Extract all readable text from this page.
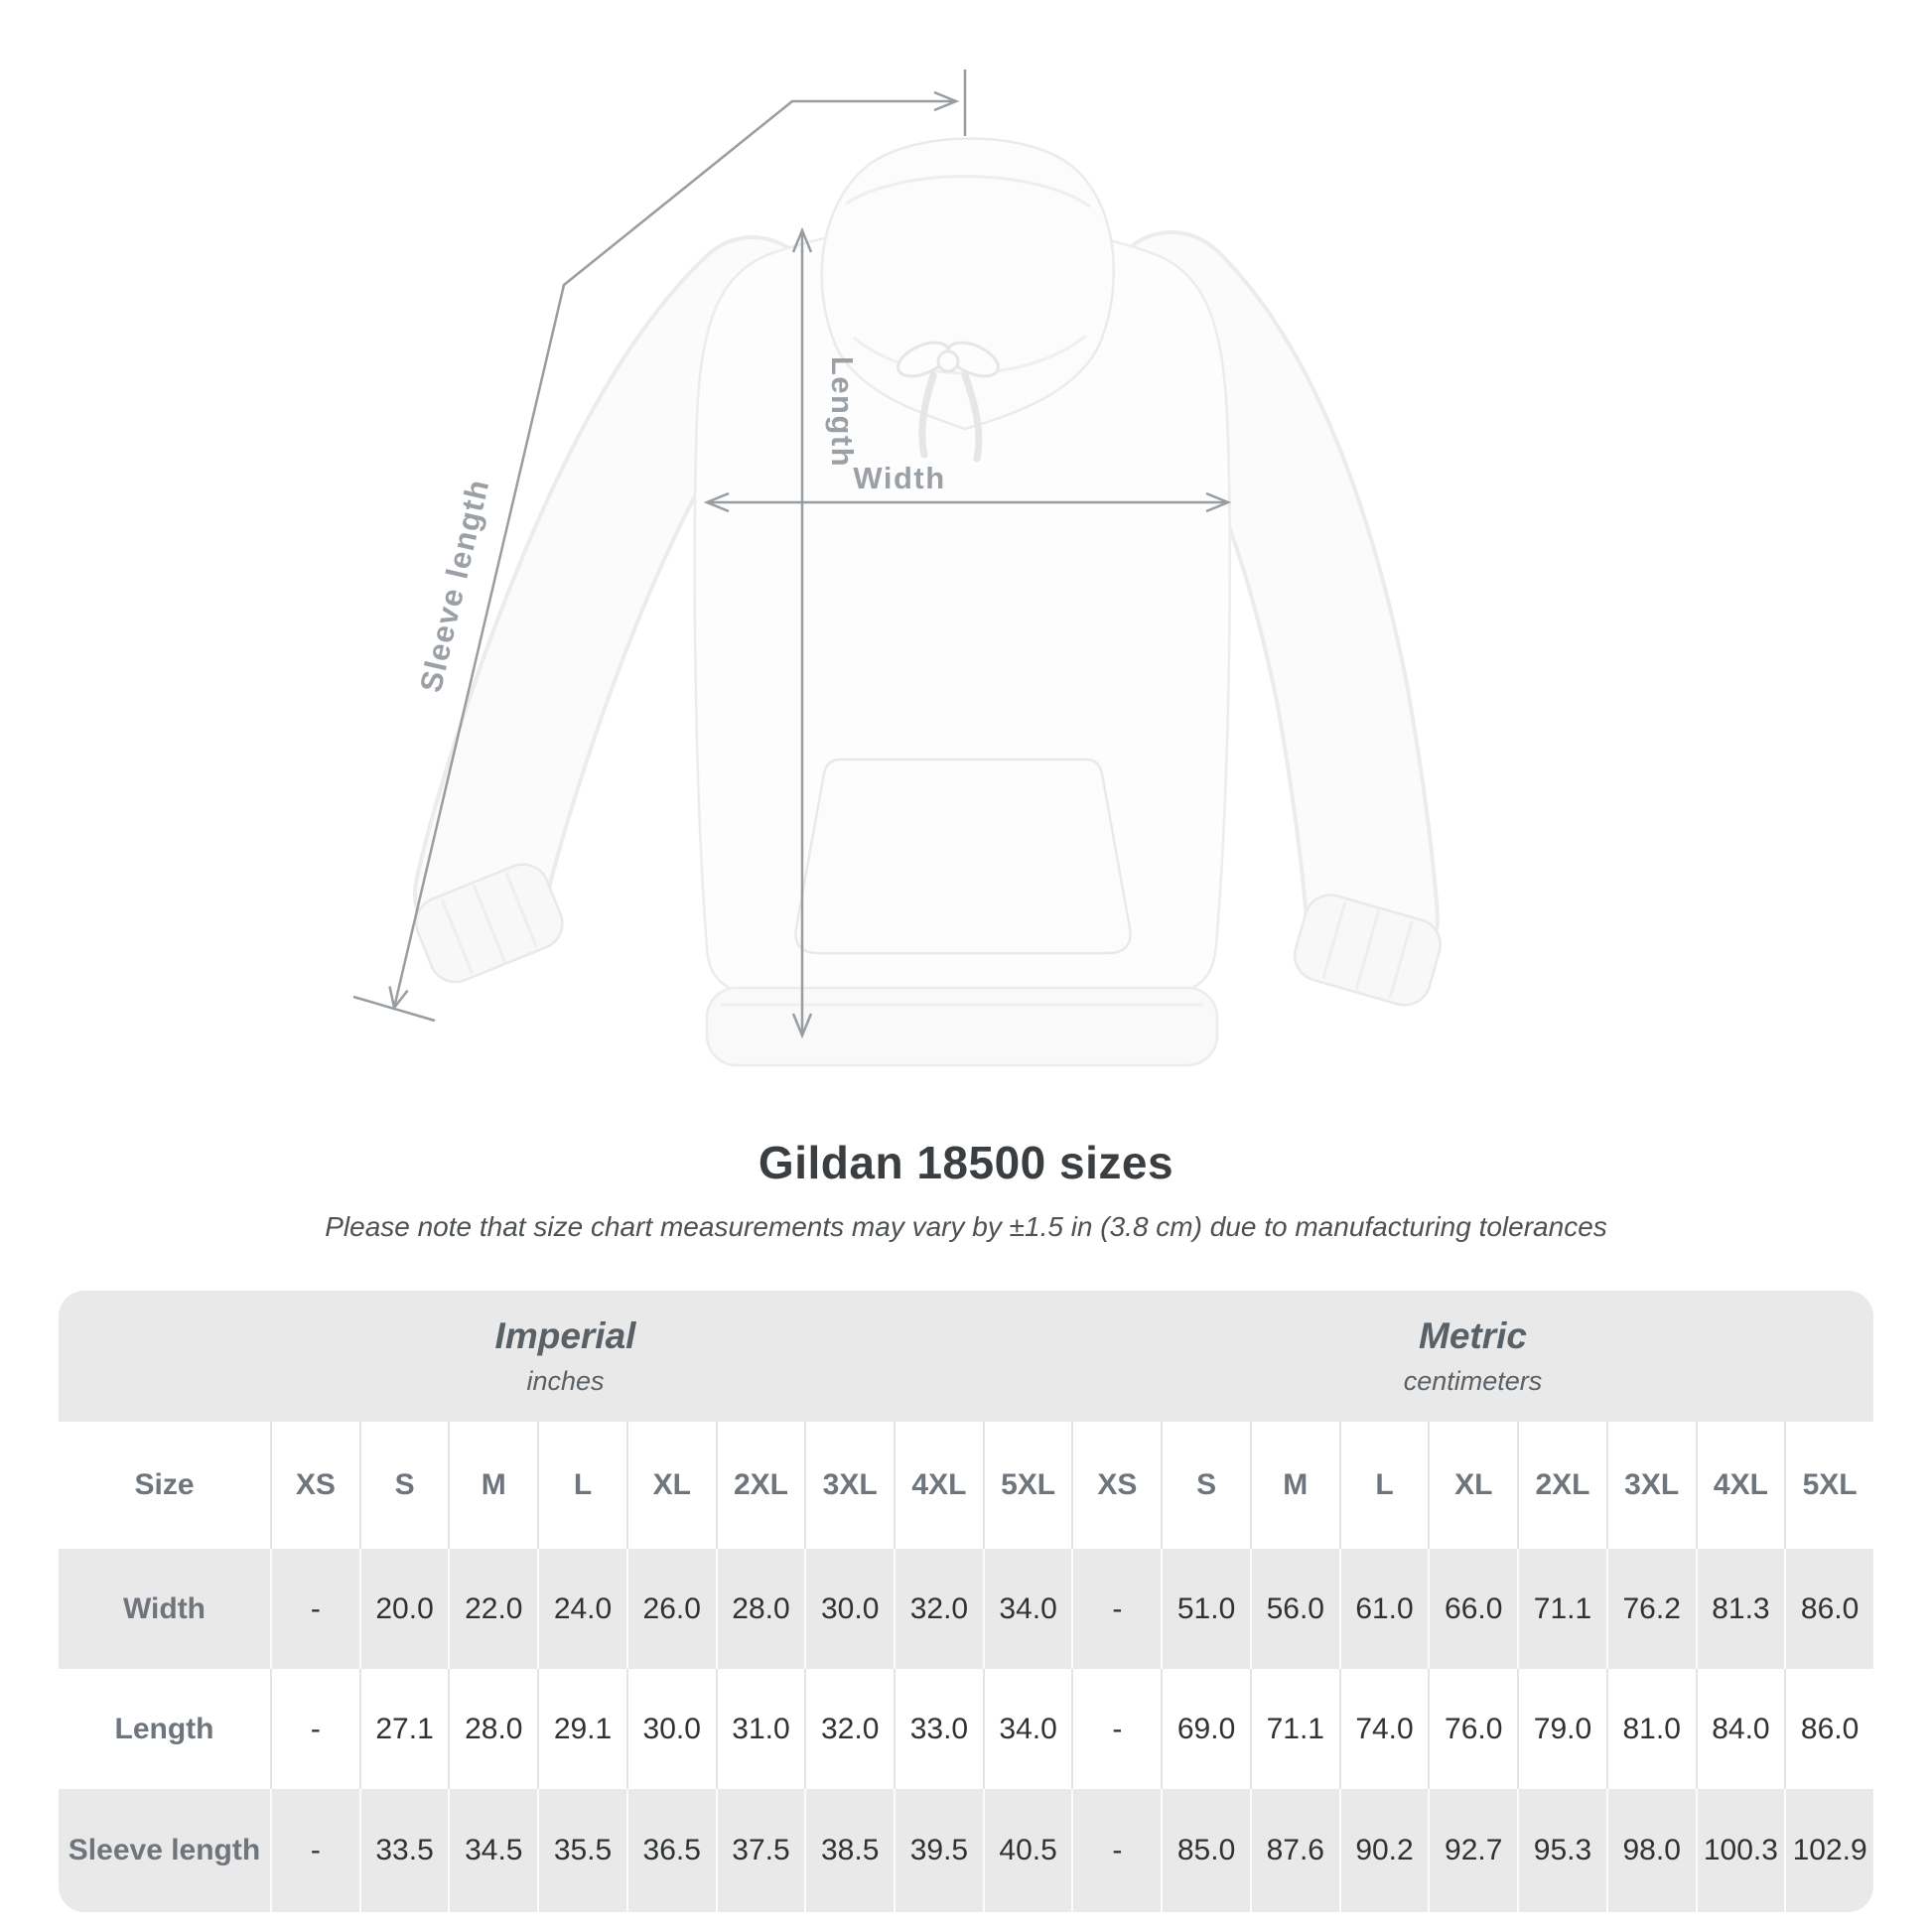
Width
Length
Sleeve length
Gildan 18500 sizes
Please note that size chart measurements may vary by ±1.5 in (3.8 cm) due to manufacturing tolerances
Imperial
inches
Metric
centimeters
Size	XS	S	M	L	XL	2XL	3XL	4XL	5XL	XS	S	M	L	XL	2XL	3XL	4XL	5XL
Width	-	20.0	22.0	24.0	26.0	28.0	30.0	32.0	34.0	-	51.0	56.0	61.0	66.0	71.1	76.2	81.3	86.0
Length	-	27.1	28.0	29.1	30.0	31.0	32.0	33.0	34.0	-	69.0	71.1	74.0	76.0	79.0	81.0	84.0	86.0
Sleeve length	-	33.5	34.5	35.5	36.5	37.5	38.5	39.5	40.5	-	85.0	87.6	90.2	92.7	95.3	98.0 100.3 102.9
